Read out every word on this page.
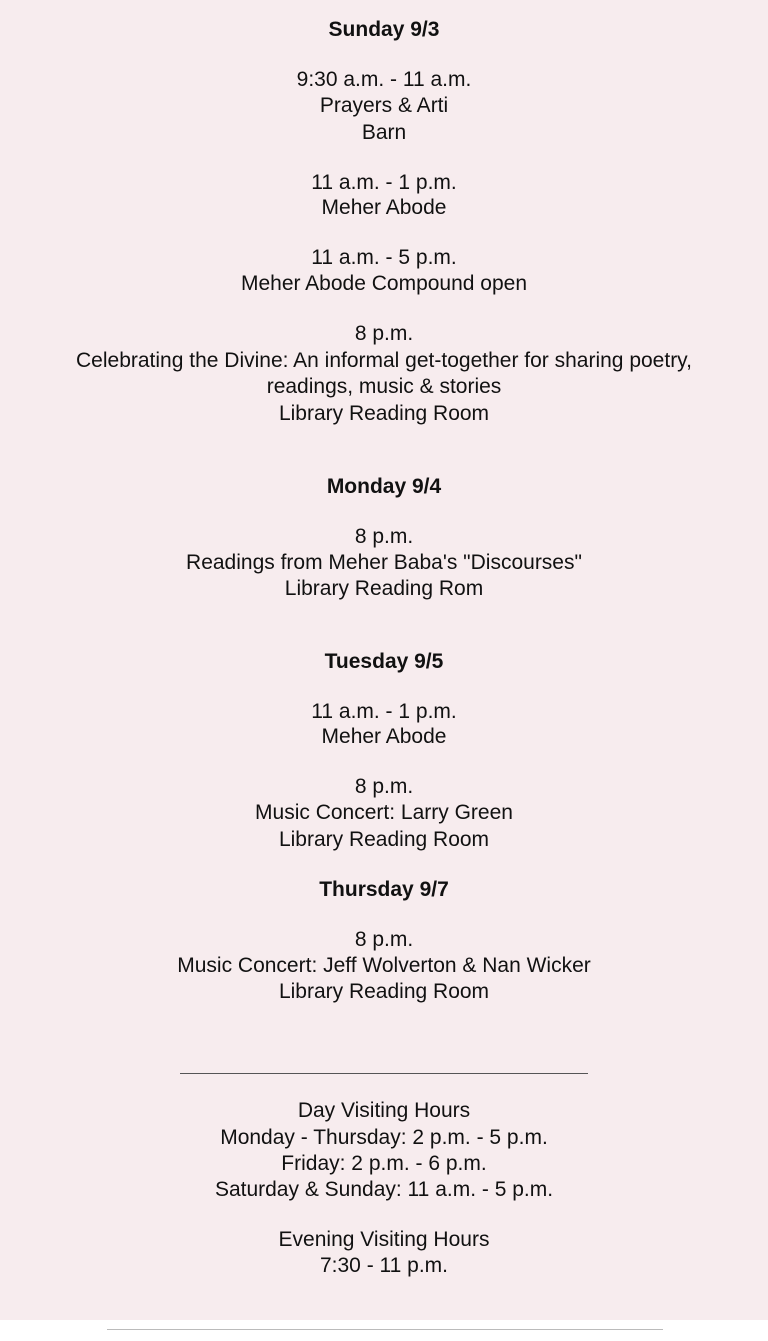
Sunday 9/3
9:30 a.m. - 11 a.m.
Prayers & Arti
Barn
11 a.m. - 1 p.m.
Meher Abode
11 a.m. - 5 p.m.
Meher Abode Compound open
8 p.m.
Celebrating the Divine: An informal get-together for sharing poetry,
readings, music & stories
Library Reading Room
Monday 9/4
8 p.m.
Readings from Meher Baba's "Discourses"
Library Reading Rom
Tuesday 9/5
11 a.m. - 1 p.m.
Meher Abode
8 p.m.
Music Concert: Larry Green
Library Reading Room
Thursday 9/7
8 p.m.
Music Concert: Jeff Wolverton & Nan Wicker
Library Reading Room
Day Visiting Hours
Monday - Thursday: 2 p.m. - 5 p.m.
Friday: 2 p.m. - 6 p.m.
Saturday & Sunday: 11 a.m. - 5 p.m.
Evening Visiting Hours
7:30 - 11 p.m.
